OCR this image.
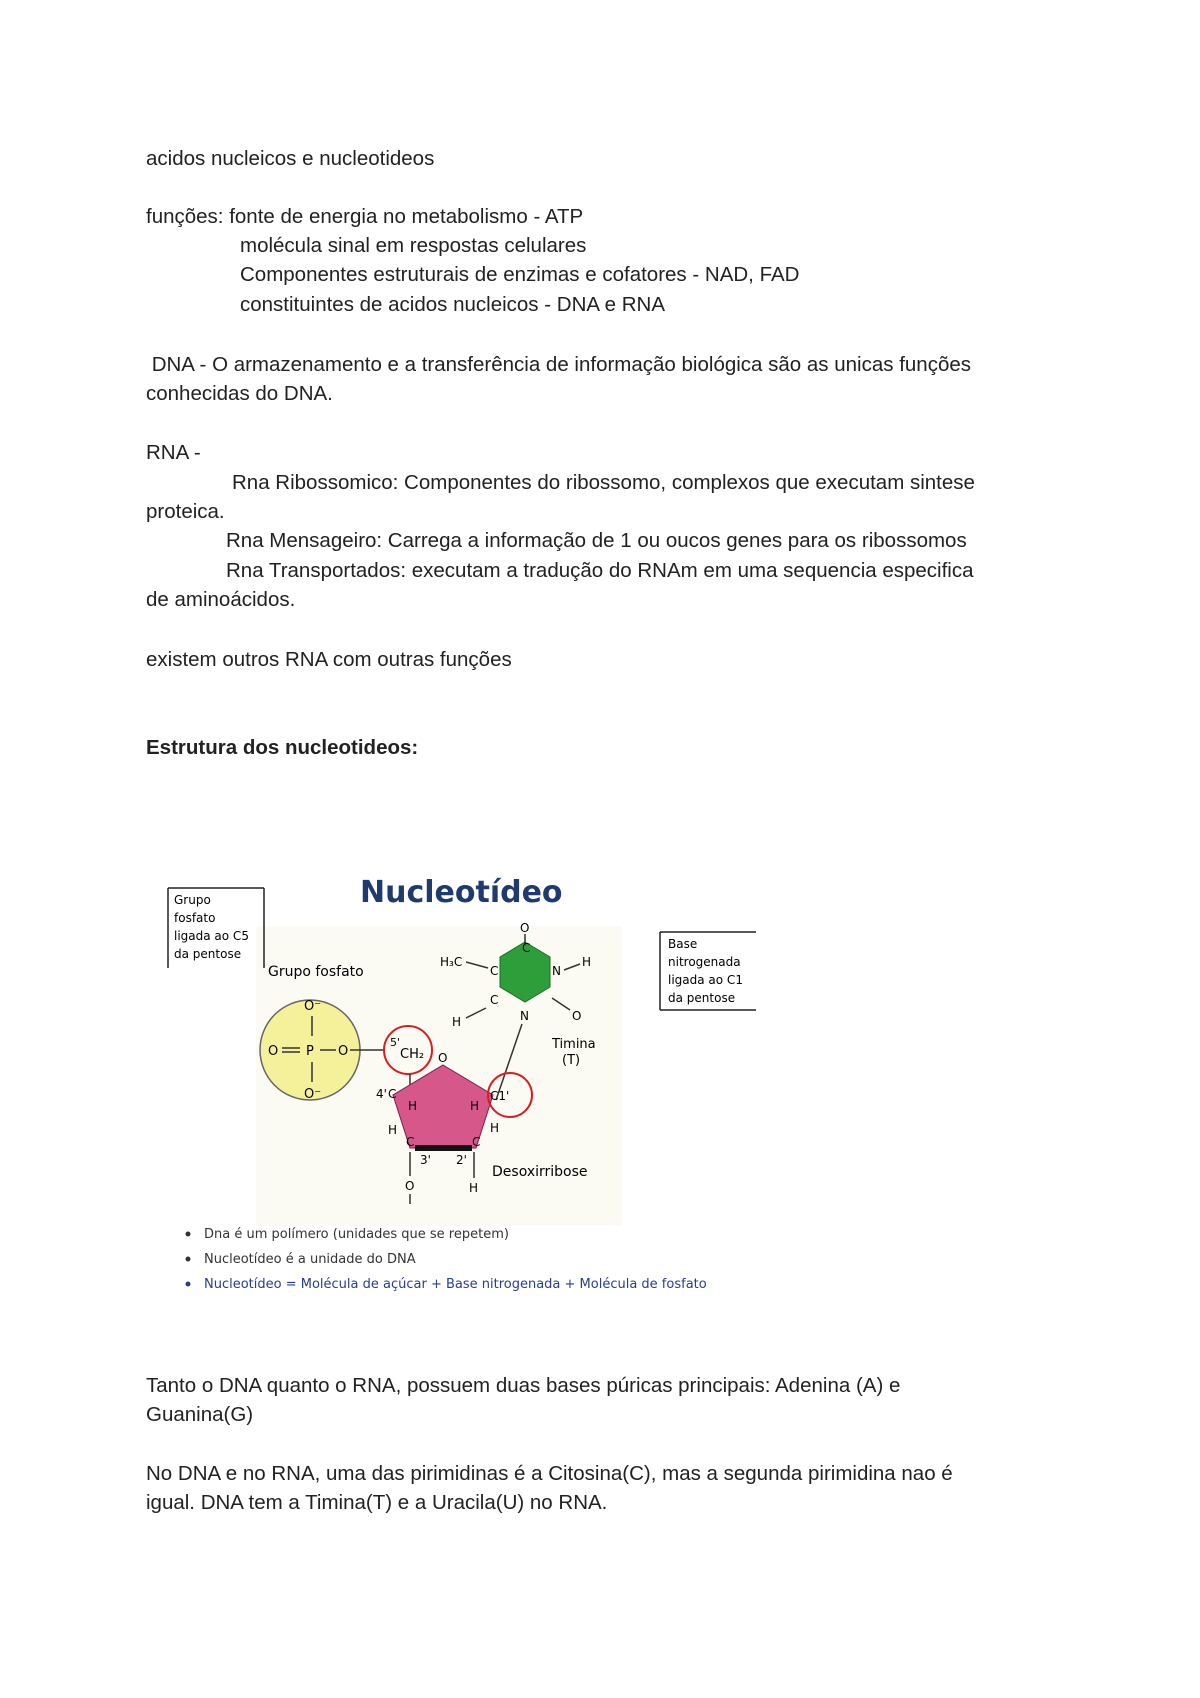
acidos nucleicos e nucleotideos
funções: fonte de energia no metabolismo - ATP
molécula sinal em respostas celulares
Componentes estruturais de enzimas e cofatores - NAD, FAD
constituintes de acidos nucleicos - DNA e RNA
DNA - O armazenamento e a transferência de informação biológica são as unicas funções
conhecidas do DNA.
RNA -
Rna Ribossomico: Componentes do ribossomo, complexos que executam sintese
proteica.
Rna Mensageiro: Carrega a informação de 1 ou oucos genes para os ribossomos
Rna Transportados: executam a tradução do RNAm em uma sequencia especifica
de aminoácidos.
existem outros RNA com outras funções
Estrutura dos nucleotideos:
Nucleotídeo
Grupo
fosfato
ligada ao C5
da pentose
Base
nitrogenada
ligada ao C1
da pentose
Grupo fosfato
O⁻
O P O
O⁻
5'
CH₂
O
C
N
H
H₃C
C
C
H	N	O
Timina
(T)
O
4' C
H
H
H
C1'
H
C	C
3' 2'
O	H
Desoxirribose
Dna é um polímero (unidades que se repetem)
Nucleotídeo é a unidade do DNA
Nucleotídeo = Molécula de açúcar + Base nitrogenada + Molécula de fosfato
Tanto o DNA quanto o RNA, possuem duas bases púricas principais: Adenina (A) e
Guanina(G)
No DNA e no RNA, uma das pirimidinas é a Citosina(C), mas a segunda pirimidina nao é
igual. DNA tem a Timina(T) e a Uracila(U) no RNA.
